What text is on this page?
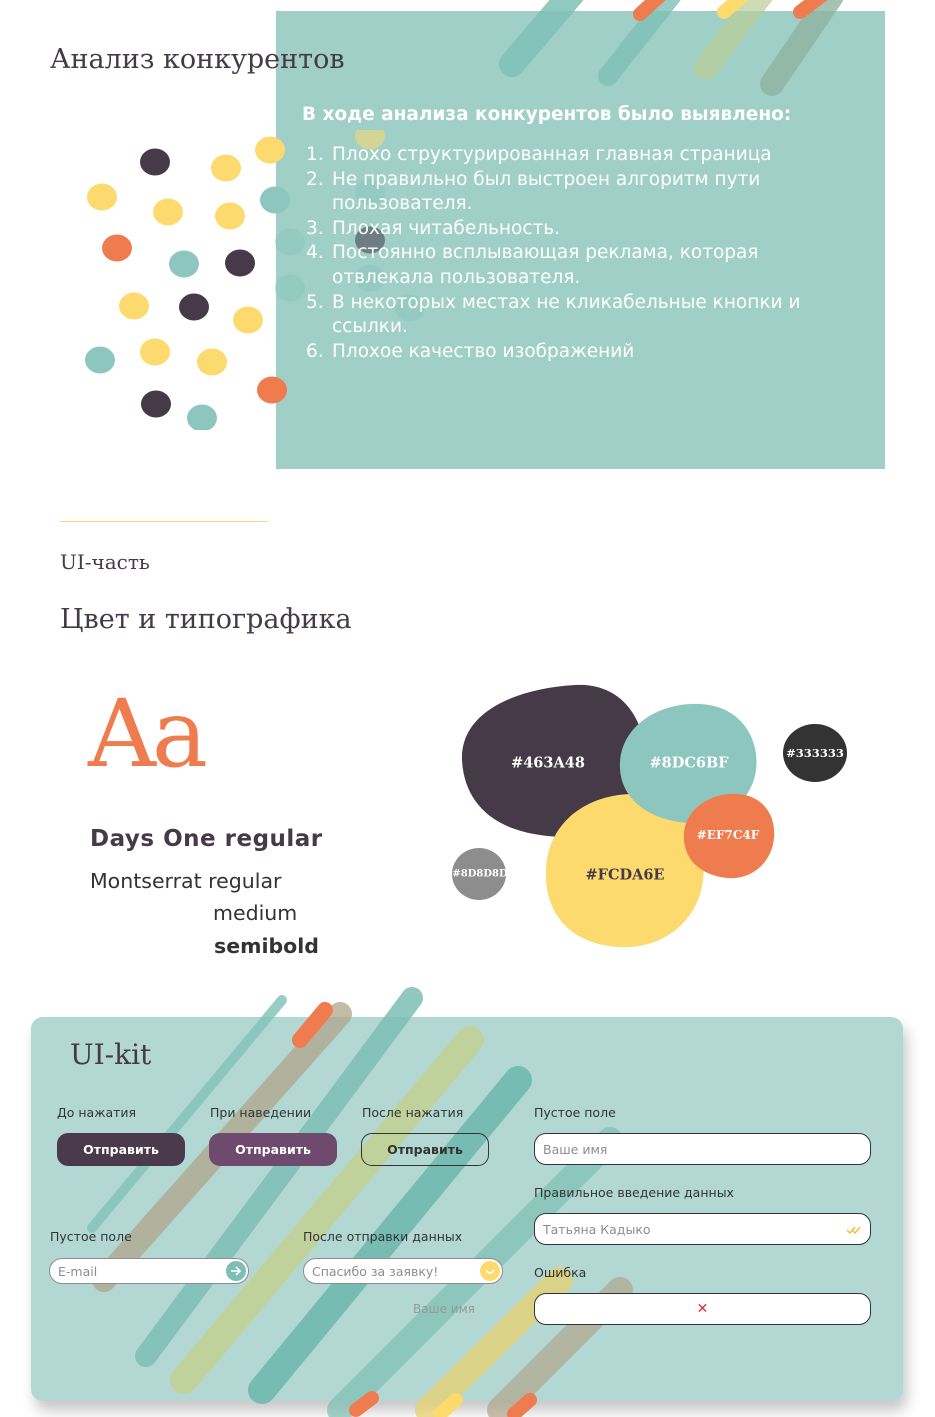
Анализ конкурентов
В ходе анализа конкурентов было выявлено:
1. Плохо структурированная главная страница
2. Не правильно был выстроен алгоритм пути пользователя.
3. Плохая читабельность.
4. Постоянно всплывающая реклама, которая отвлекала пользователя.
5. В некоторых местах не кликабельные кнопки и ссылки.
6. Плохое качество изображений
UI-часть
Цвет и типографика
Aa
Days One regular
Montserrat regular
medium
semibold
#463A48	#8DC6BF
#333333
#EF7C4F
#FCDA6E
#8D8D8D
UI-kit
До нажатия	При наведении	После нажатия
Отправить	Отправить	Отправить
Пустое поле
Ваше имя
Правильное введение данных
Татьяна Кадыко
Ошибка
✕
Пустое поле
E-mail
После отправки данных
Спасибо за заявку!
Ваше имя
